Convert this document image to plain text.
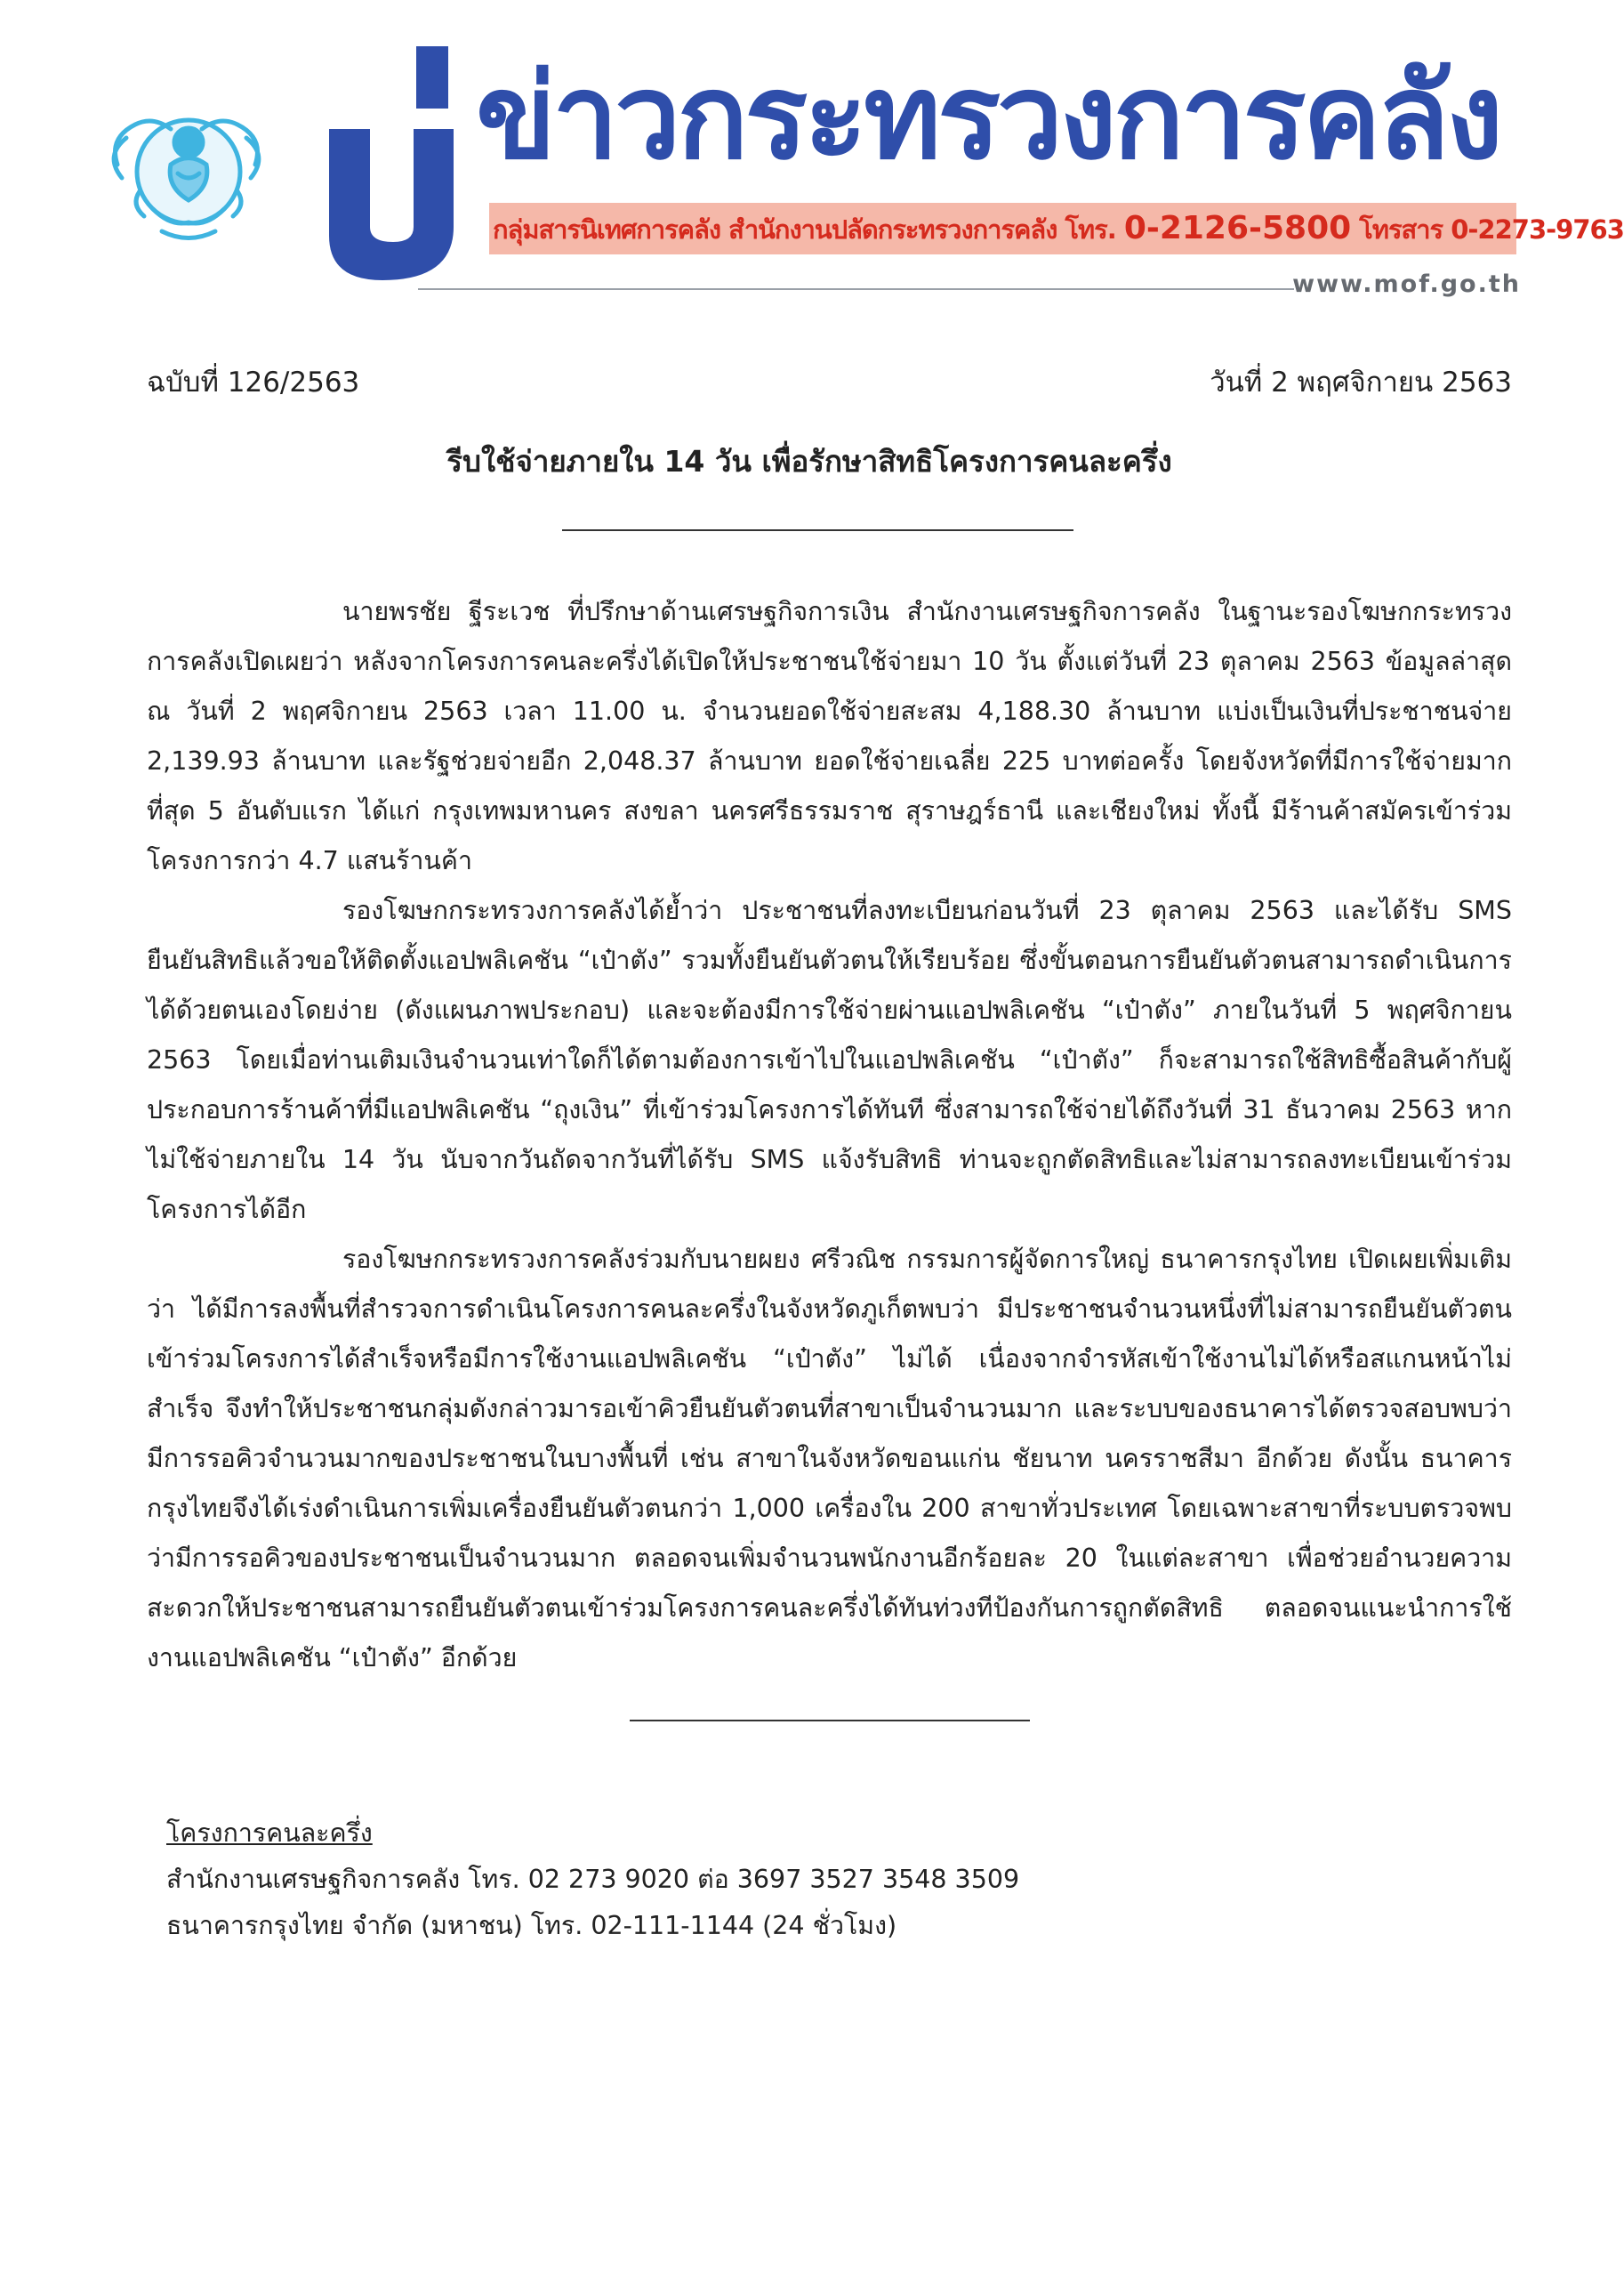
ข่าวกระทรวงการคลัง
กลุ่มสารนิเทศการคลัง สำนักงานปลัดกระทรวงการคลัง โทร. 0-2126-5800 โทรสาร 0-2273-9763
www.mof.go.th
ฉบับที่ 126/2563	วันที่ 2 พฤศจิกายน 2563
รีบใช้จ่ายภายใน 14 วัน เพื่อรักษาสิทธิโครงการคนละครึ่ง

นายพรชัย ฐีระเวช ที่ปรึกษาด้านเศรษฐกิจการเงิน สำนักงานเศรษฐกิจการคลัง ในฐานะรองโฆษกกระทรวงการคลังเปิดเผยว่า หลังจากโครงการคนละครึ่งได้เปิดให้ประชาชนใช้จ่ายมา 10 วัน ตั้งแต่วันที่ 23 ตุลาคม 2563 ข้อมูลล่าสุด ณ วันที่ 2 พฤศจิกายน 2563 เวลา 11.00 น. จำนวนยอดใช้จ่ายสะสม 4,188.30 ล้านบาท แบ่งเป็นเงินที่ประชาชนจ่าย 2,139.93 ล้านบาท และรัฐช่วยจ่ายอีก 2,048.37 ล้านบาท ยอดใช้จ่ายเฉลี่ย 225 บาทต่อครั้ง โดยจังหวัดที่มีการใช้จ่ายมากที่สุด 5 อันดับแรก ได้แก่ กรุงเทพมหานคร สงขลา นครศรีธรรมราช สุราษฎร์ธานี และเชียงใหม่ ทั้งนี้ มีร้านค้าสมัครเข้าร่วมโครงการกว่า 4.7 แสนร้านค้า

รองโฆษกกระทรวงการคลังได้ย้ำว่า ประชาชนที่ลงทะเบียนก่อนวันที่ 23 ตุลาคม 2563 และได้รับ SMS ยืนยันสิทธิแล้วขอให้ติดตั้งแอปพลิเคชัน “เป๋าตัง” รวมทั้งยืนยันตัวตนให้เรียบร้อย ซึ่งขั้นตอนการยืนยันตัวตนสามารถดำเนินการได้ด้วยตนเองโดยง่าย (ดังแผนภาพประกอบ) และจะต้องมีการใช้จ่ายผ่านแอปพลิเคชัน “เป๋าตัง” ภายในวันที่ 5 พฤศจิกายน 2563 โดยเมื่อท่านเติมเงินจำนวนเท่าใดก็ได้ตามต้องการเข้าไปในแอปพลิเคชัน “เป๋าตัง” ก็จะสามารถใช้สิทธิซื้อสินค้ากับผู้ประกอบการร้านค้าที่มีแอปพลิเคชัน “ถุงเงิน” ที่เข้าร่วมโครงการได้ทันที ซึ่งสามารถใช้จ่ายได้ถึงวันที่ 31 ธันวาคม 2563 หากไม่ใช้จ่ายภายใน 14 วัน นับจากวันถัดจากวันที่ได้รับ SMS แจ้งรับสิทธิ ท่านจะถูกตัดสิทธิและไม่สามารถลงทะเบียนเข้าร่วมโครงการได้อีก

รองโฆษกกระทรวงการคลังร่วมกับนายผยง ศรีวณิช กรรมการผู้จัดการใหญ่ ธนาคารกรุงไทย เปิดเผยเพิ่มเติมว่า ได้มีการลงพื้นที่สำรวจการดำเนินโครงการคนละครึ่งในจังหวัดภูเก็ตพบว่า มีประชาชนจำนวนหนึ่งที่ไม่สามารถยืนยันตัวตนเข้าร่วมโครงการได้สำเร็จหรือมีการใช้งานแอปพลิเคชัน “เป๋าตัง” ไม่ได้ เนื่องจากจำรหัสเข้าใช้งานไม่ได้หรือสแกนหน้าไม่สำเร็จ จึงทำให้ประชาชนกลุ่มดังกล่าวมารอเข้าคิวยืนยันตัวตนที่สาขาเป็นจำนวนมาก และระบบของธนาคารได้ตรวจสอบพบว่ามีการรอคิวจำนวนมากของประชาชนในบางพื้นที่ เช่น สาขาในจังหวัดขอนแก่น ชัยนาท นครราชสีมา อีกด้วย ดังนั้น ธนาคารกรุงไทยจึงได้เร่งดำเนินการเพิ่มเครื่องยืนยันตัวตนกว่า 1,000 เครื่องใน 200 สาขาทั่วประเทศ โดยเฉพาะสาขาที่ระบบตรวจพบว่ามีการรอคิวของประชาชนเป็นจำนวนมาก ตลอดจนเพิ่มจำนวนพนักงานอีกร้อยละ 20 ในแต่ละสาขา เพื่อช่วยอำนวยความสะดวกให้ประชาชนสามารถยืนยันตัวตนเข้าร่วมโครงการคนละครึ่งได้ทันท่วงทีป้องกันการถูกตัดสิทธิ ตลอดจนแนะนำการใช้งานแอปพลิเคชัน “เป๋าตัง” อีกด้วย

โครงการคนละครึ่ง
สำนักงานเศรษฐกิจการคลัง โทร. 02 273 9020 ต่อ 3697 3527 3548 3509
ธนาคารกรุงไทย จำกัด (มหาชน) โทร. 02-111-1144 (24 ชั่วโมง)
